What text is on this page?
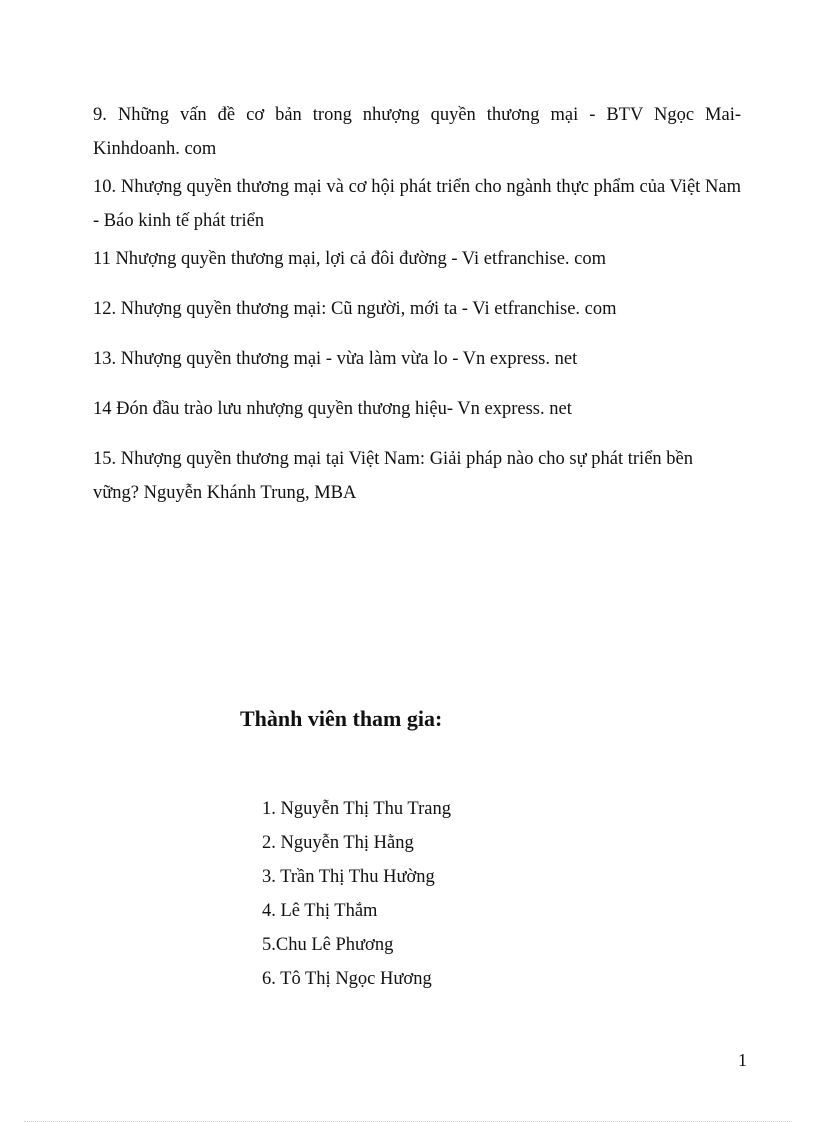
9. Những vấn đề cơ bản trong nhượng quyền thương mại - BTV Ngọc Mai- Kinhdoanh. com

10. Nhượng quyền thương mại và cơ hội phát triển cho ngành thực phẩm của Việt Nam - Báo kinh tế phát triển

11 Nhượng quyền thương mại, lợi cả đôi đường - Vi etfranchise. com

12. Nhượng quyền thương mại: Cũ người, mới ta - Vi etfranchise. com

13. Nhượng quyền thương mại - vừa làm vừa lo - Vn express. net

14 Đón đầu trào lưu nhượng quyền thương hiệu- Vn express. net

15. Nhượng quyền thương mại tại Việt Nam: Giải pháp nào cho sự phát triển bền vững? Nguyễn Khánh Trung, MBA

Thành viên tham gia:
1. Nguyễn Thị Thu Trang
2. Nguyễn Thị Hằng
3. Trần Thị Thu Hường
4. Lê Thị Thắm
5.Chu Lê Phương
6. Tô Thị Ngọc Hương
1
